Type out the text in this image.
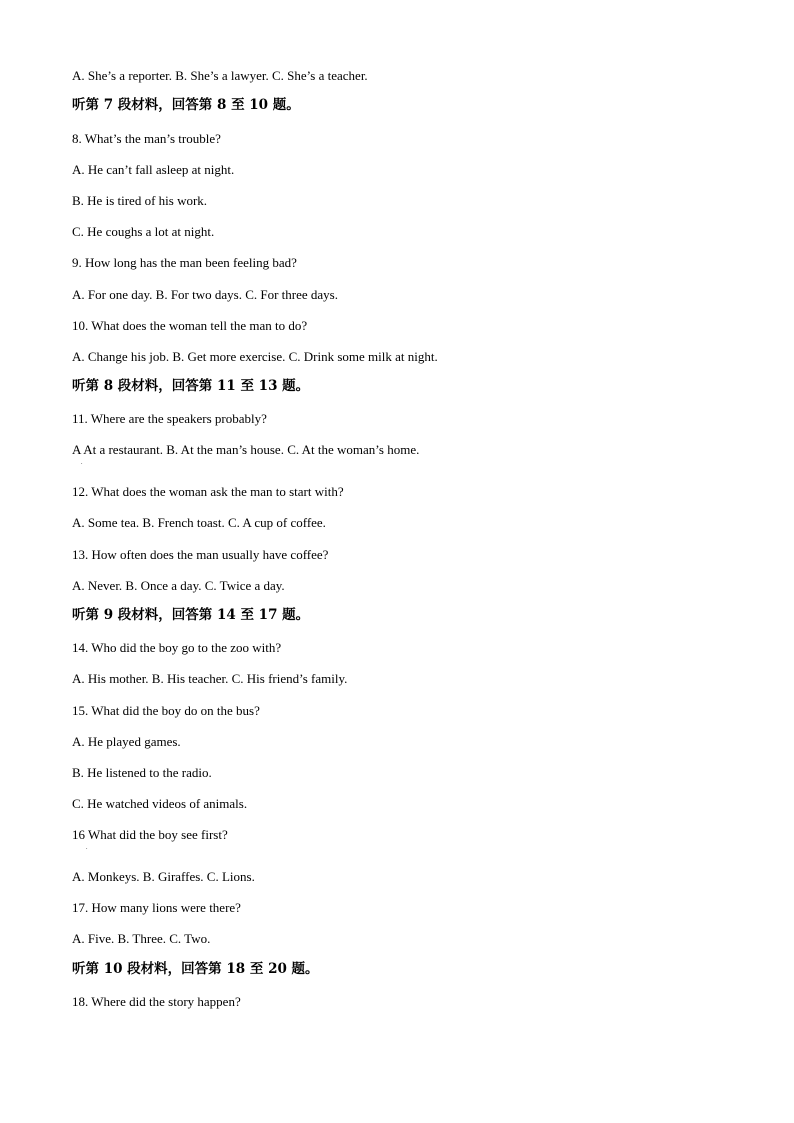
A. She’s a reporter. B. She’s a lawyer. C. She’s a teacher.
听第 7 段材料，回答第 8 至 10 题。
8. What’s the man’s trouble?
A. He can’t fall asleep at night.
B. He is tired of his work.
C. He coughs a lot at night.
9. How long has the man been feeling bad?
A. For one day. B. For two days. C. For three days.
10. What does the woman tell the man to do?
A. Change his job. B. Get more exercise. C. Drink some milk at night.
听第 8 段材料，回答第 11 至 13 题。
11. Where are the speakers probably?
A At a restaurant. B. At the man’s house. C. At the woman’s home.
.
12. What does the woman ask the man to start with?
A. Some tea. B. French toast. C. A cup of coffee.
13. How often does the man usually have coffee?
A. Never. B. Once a day. C. Twice a day.
听第 9 段材料，回答第 14 至 17 题。
14. Who did the boy go to the zoo with?
A. His mother. B. His teacher. C. His friend’s family.
15. What did the boy do on the bus?
A. He played games.
B. He listened to the radio.
C. He watched videos of animals.
16 What did the boy see first?
.
A. Monkeys. B. Giraffes. C. Lions.
17. How many lions were there?
A. Five. B. Three. C. Two.
听第 10 段材料，回答第 18 至 20 题。
18. Where did the story happen?
